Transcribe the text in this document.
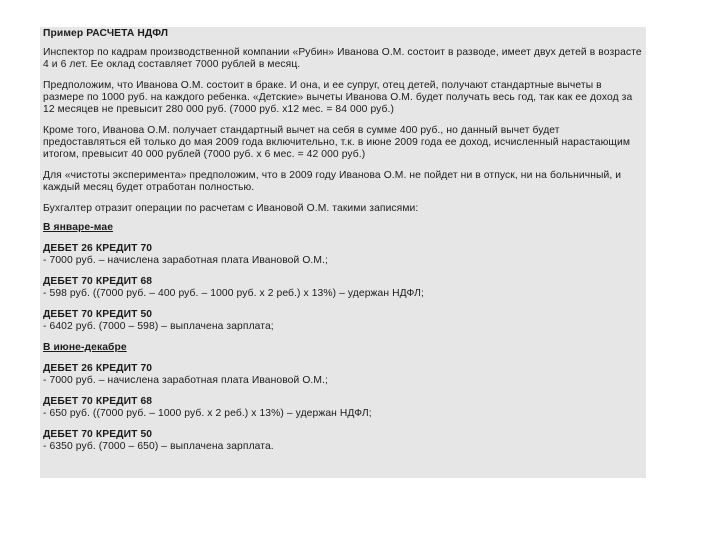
Пример РАСЧЕТА НДФЛ

Инспектор по кадрам производственной компании «Рубин» Иванова О.М. состоит в разводе, имеет двух детей в возрасте 4 и 6 лет. Ее оклад составляет 7000 рублей в месяц.

Предположим, что Иванова О.М. состоит в браке. И она, и ее супруг, отец детей, получают стандартные вычеты в размере по 1000 руб. на каждого ребенка. «Детские» вычеты Иванова О.М. будет получать весь год, так как ее доход за 12 месяцев не превысит 280 000 руб. (7000 руб. x12 мес. = 84 000 руб.)

Кроме того, Иванова О.М. получает стандартный вычет на себя в сумме 400 руб., но данный вычет будет предоставляться ей только до мая 2009 года включительно, т.к. в июне 2009 года ее доход, исчисленный нарастающим итогом, превысит 40 000 рублей (7000 руб. х 6 мес. = 42 000 руб.)

Для «чистоты эксперимента» предположим, что в 2009 году Иванова О.М. не пойдет ни в отпуск, ни на больничный, и каждый месяц будет отработан полностью.

Бухгалтер отразит операции по расчетам с Ивановой О.М. такими записями:

В январе-мае

ДЕБЕТ 26 КРЕДИТ 70

- 7000 руб. – начислена заработная плата Ивановой О.М.;

ДЕБЕТ 70 КРЕДИТ 68

- 598 руб. ((7000 руб. – 400 руб. – 1000 руб. х 2 реб.) х 13%) – удержан НДФЛ;

ДЕБЕТ 70 КРЕДИТ 50

- 6402 руб. (7000 – 598) – выплачена зарплата;

В июне-декабре

ДЕБЕТ 26 КРЕДИТ 70

- 7000 руб. – начислена заработная плата Ивановой О.М.;

ДЕБЕТ 70 КРЕДИТ 68

- 650 руб. ((7000 руб. – 1000 руб. х 2 реб.) х 13%) – удержан НДФЛ;

ДЕБЕТ 70 КРЕДИТ 50

- 6350 руб. (7000 – 650) – выплачена зарплата.
